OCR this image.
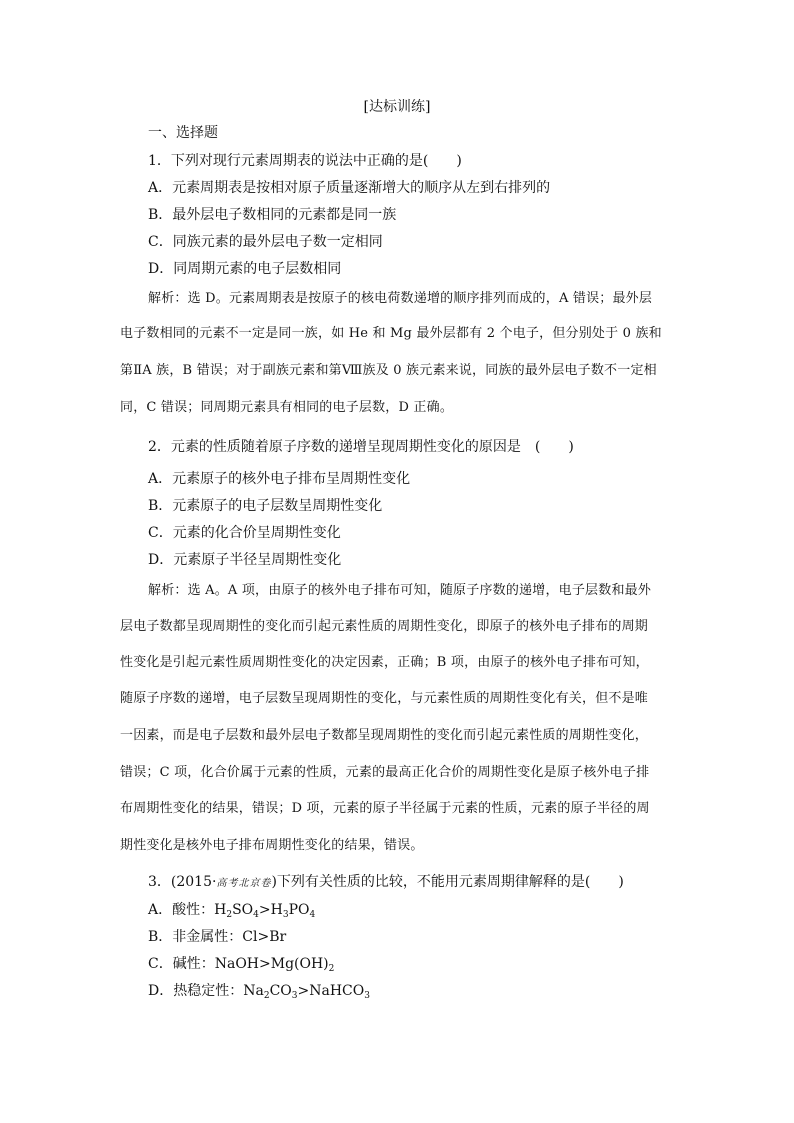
[达标训练]
一、选择题
1．下列对现行元素周期表的说法中正确的是(　　)
A．元素周期表是按相对原子质量逐渐增大的顺序从左到右排列的
B．最外层电子数相同的元素都是同一族
C．同族元素的最外层电子数一定相同
D．同周期元素的电子层数相同
解析：选 D。元素周期表是按原子的核电荷数递增的顺序排列而成的，A 错误；最外层
电子数相同的元素不一定是同一族，如 He 和 Mg 最外层都有 2 个电子，但分别处于 0 族和
第ⅡA 族，B 错误；对于副族元素和第Ⅷ族及 0 族元素来说，同族的最外层电子数不一定相
同，C 错误；同周期元素具有相同的电子层数，D 正确。
2．元素的性质随着原子序数的递增呈现周期性变化的原因是　(　　)
A．元素原子的核外电子排布呈周期性变化
B．元素原子的电子层数呈周期性变化
C．元素的化合价呈周期性变化
D．元素原子半径呈周期性变化
解析：选 A。A 项，由原子的核外电子排布可知，随原子序数的递增，电子层数和最外
层电子数都呈现周期性的变化而引起元素性质的周期性变化，即原子的核外电子排布的周期
性变化是引起元素性质周期性变化的决定因素，正确；B 项，由原子的核外电子排布可知，
随原子序数的递增，电子层数呈现周期性的变化，与元素性质的周期性变化有关，但不是唯
一因素，而是电子层数和最外层电子数都呈现周期性的变化而引起元素性质的周期性变化，
错误；C 项，化合价属于元素的性质，元素的最高正化合价的周期性变化是原子核外电子排
布周期性变化的结果，错误；D 项，元素的原子半径属于元素的性质，元素的原子半径的周
期性变化是核外电子排布周期性变化的结果，错误。
3．(2015·高考北京卷)下列有关性质的比较，不能用元素周期律解释的是(　　)
A．酸性：$H_2SO_4>H_3PO_4$
B．非金属性：Cl>Br
C．碱性：$NaOH>Mg(OH)_2$
D．热稳定性：$Na_2CO_3>NaHCO_3$
